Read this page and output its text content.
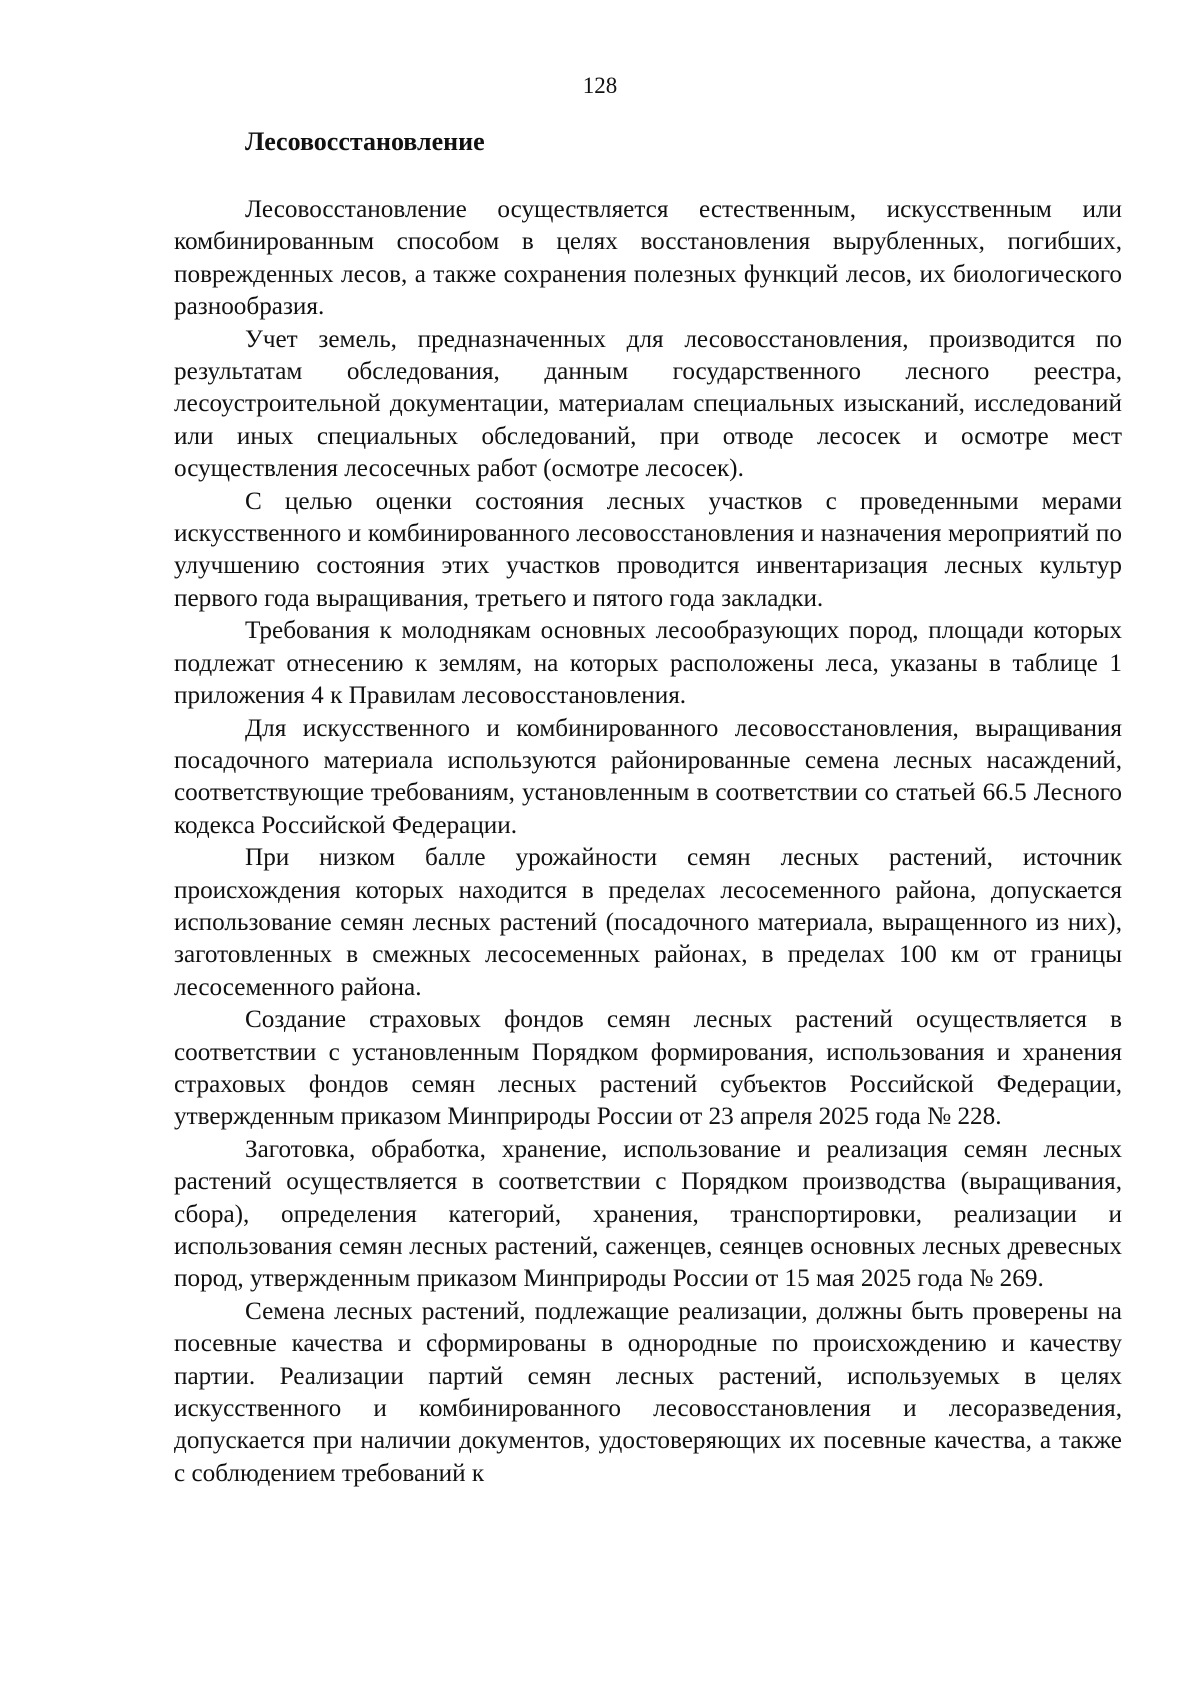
128
Лесовосстановление

Лесовосстановление осуществляется естественным, искусственным или комбинированным способом в целях восстановления вырубленных, погибших, поврежденных лесов, а также сохранения полезных функций лесов, их биологического разнообразия.

Учет земель, предназначенных для лесовосстановления, производится по результатам обследования, данным государственного лесного реестра, лесоустроительной документации, материалам специальных изысканий, исследований или иных специальных обследований, при отводе лесосек и осмотре мест осуществления лесосечных работ (осмотре лесосек).

С целью оценки состояния лесных участков с проведенными мерами искусственного и комбинированного лесовосстановления и назначения мероприятий по улучшению состояния этих участков проводится инвентаризация лесных культур первого года выращивания, третьего и пятого года закладки.

Требования к молоднякам основных лесообразующих пород, площади которых подлежат отнесению к землям, на которых расположены леса, указаны в таблице 1 приложения 4 к Правилам лесовосстановления.

Для искусственного и комбинированного лесовосстановления, выращивания посадочного материала используются районированные семена лесных насаждений, соответствующие требованиям, установленным в соответствии со статьей 66.5 Лесного кодекса Российской Федерации.

При низком балле урожайности семян лесных растений, источник происхождения которых находится в пределах лесосеменного района, допускается использование семян лесных растений (посадочного материала, выращенного из них), заготовленных в смежных лесосеменных районах, в пределах 100 км от границы лесосеменного района.

Создание страховых фондов семян лесных растений осуществляется в соответствии с установленным Порядком формирования, использования и хранения страховых фондов семян лесных растений субъектов Российской Федерации, утвержденным приказом Минприроды России от 23 апреля 2025 года № 228.

Заготовка, обработка, хранение, использование и реализация семян лесных растений осуществляется в соответствии с Порядком производства (выращивания, сбора), определения категорий, хранения, транспортировки, реализации и использования семян лесных растений, саженцев, сеянцев основных лесных древесных пород, утвержденным приказом Минприроды России от 15 мая 2025 года № 269.

Семена лесных растений, подлежащие реализации, должны быть проверены на посевные качества и сформированы в однородные по происхождению и качеству партии. Реализации партий семян лесных растений, используемых в целях искусственного и комбинированного лесовосстановления и лесоразведения, допускается при наличии документов, удостоверяющих их посевные качества, а также с соблюдением требований к
